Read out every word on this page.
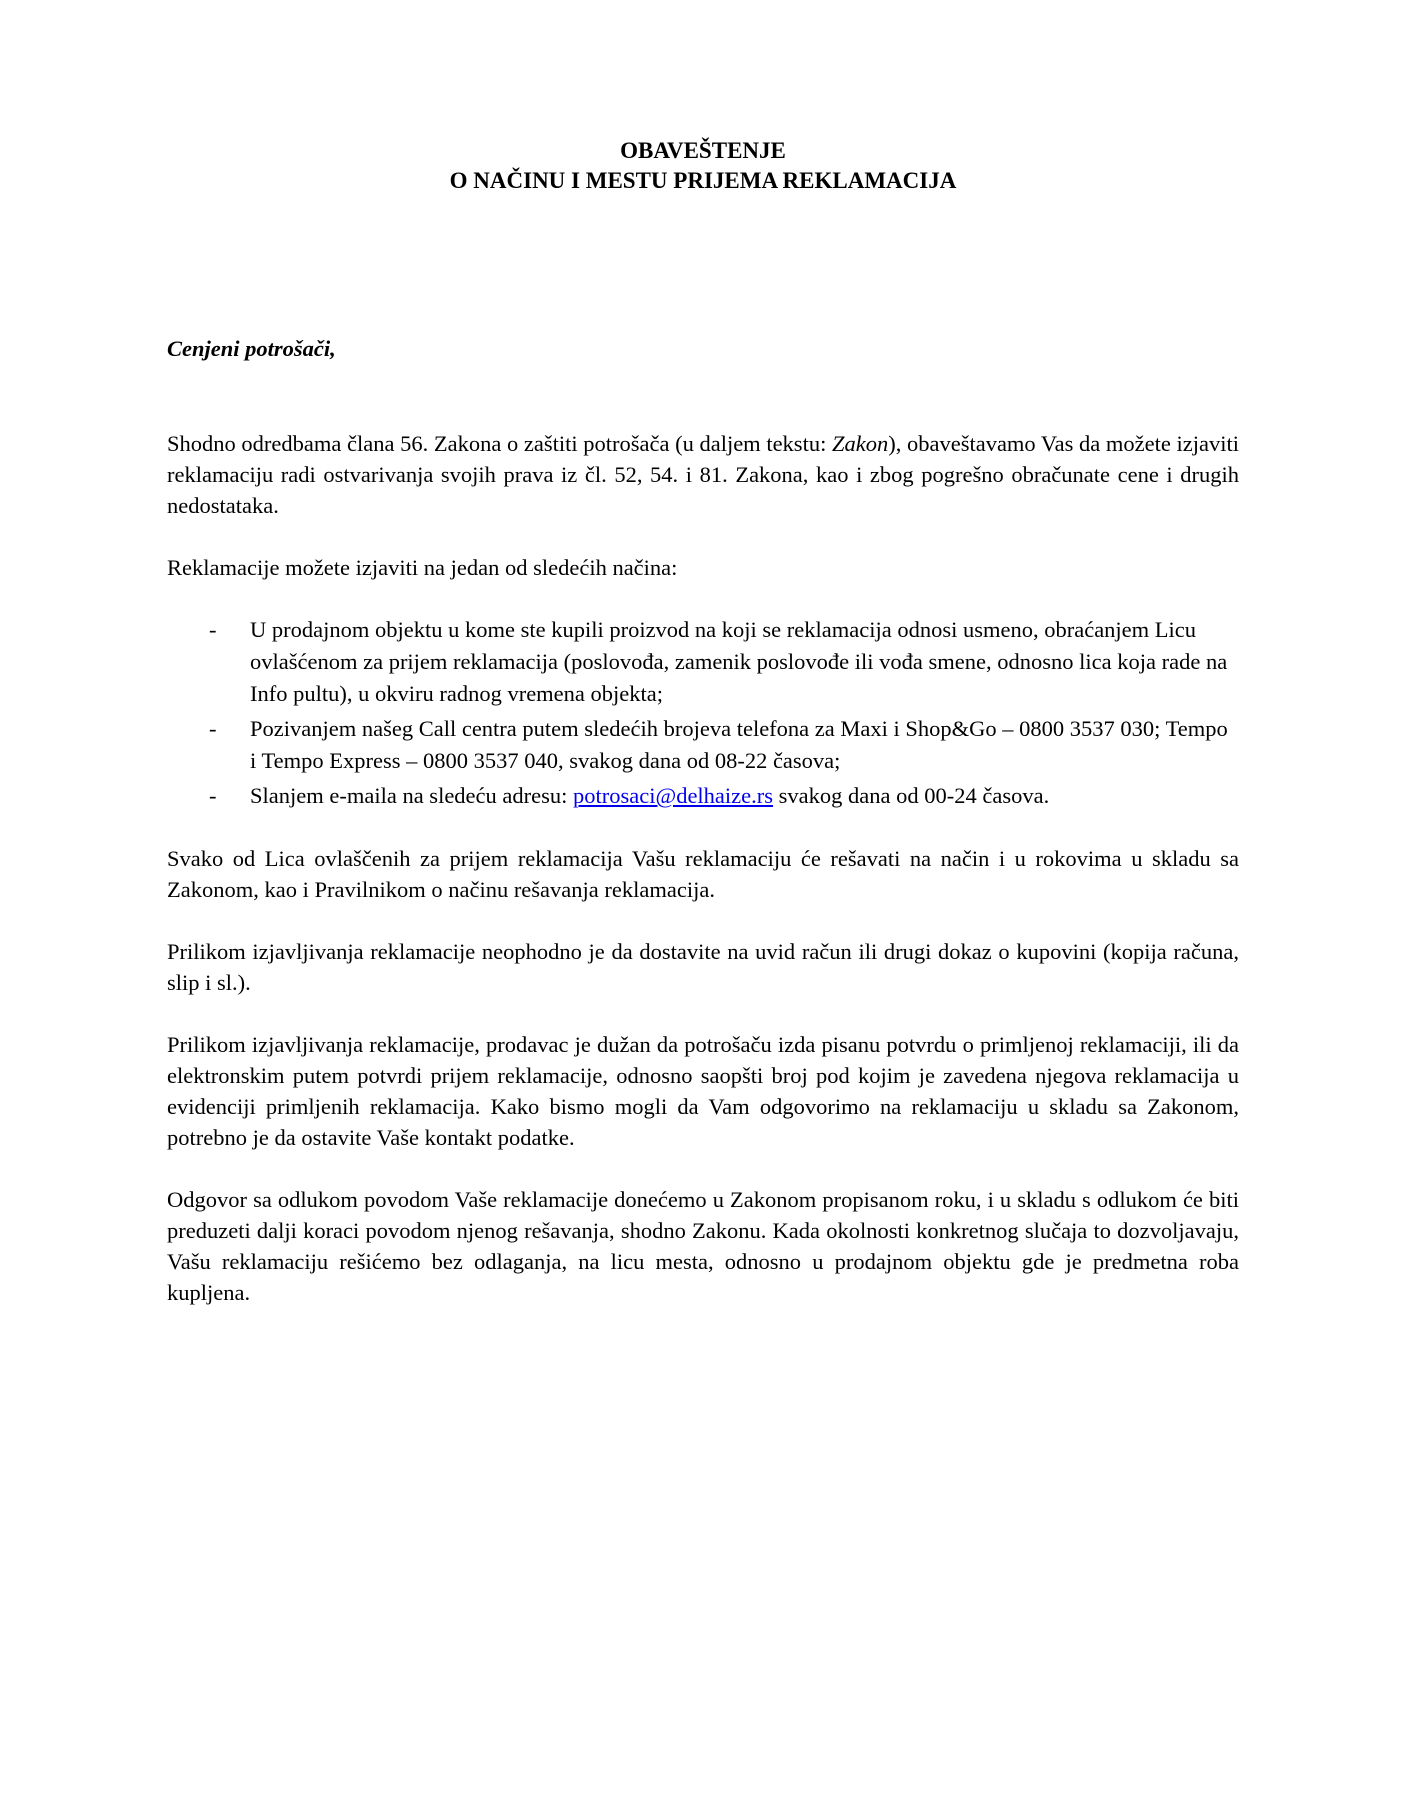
OBAVEŠTENJE
O NAČINU I MESTU PRIJEMA REKLAMACIJA

Cenjeni potrošači,

Shodno odredbama člana 56. Zakona o zaštiti potrošača (u daljem tekstu: Zakon), obaveštavamo Vas da možete izjaviti reklamaciju radi ostvarivanja svojih prava iz čl. 52, 54. i 81. Zakona, kao i zbog pogrešno obračunate cene i drugih nedostataka.

Reklamacije možete izjaviti na jedan od sledećih načina:

- U prodajnom objektu u kome ste kupili proizvod na koji se reklamacija odnosi usmeno, obraćanjem Licu ovlašćenom za prijem reklamacija (poslovođa, zamenik poslovođe ili vođa smene, odnosno lica koja rade na Info pultu), u okviru radnog vremena objekta;
- Pozivanjem našeg Call centra putem sledećih brojeva telefona za Maxi i Shop&Go – 0800 3537 030; Tempo i Tempo Express – 0800 3537 040, svakog dana od 08-22 časova;
- Slanjem e-maila na sledeću adresu: potrosaci@delhaize.rs svakog dana od 00-24 časova.

Svako od Lica ovlaščenih za prijem reklamacija Vašu reklamaciju će rešavati na način i u rokovima u skladu sa Zakonom, kao i Pravilnikom o načinu rešavanja reklamacija.

Prilikom izjavljivanja reklamacije neophodno je da dostavite na uvid račun ili drugi dokaz o kupovini (kopija računa, slip i sl.).

Prilikom izjavljivanja reklamacije, prodavac je dužan da potrošaču izda pisanu potvrdu o primljenoj reklamaciji, ili da elektronskim putem potvrdi prijem reklamacije, odnosno saopšti broj pod kojim je zavedena njegova reklamacija u evidenciji primljenih reklamacija. Kako bismo mogli da Vam odgovorimo na reklamaciju u skladu sa Zakonom, potrebno je da ostavite Vaše kontakt podatke.

Odgovor sa odlukom povodom Vaše reklamacije donećemo u Zakonom propisanom roku, i u skladu s odlukom će biti preduzeti dalji koraci povodom njenog rešavanja, shodno Zakonu. Kada okolnosti konkretnog slučaja to dozvoljavaju, Vašu reklamaciju rešićemo bez odlaganja, na licu mesta, odnosno u prodajnom objektu gde je predmetna roba kupljena.
